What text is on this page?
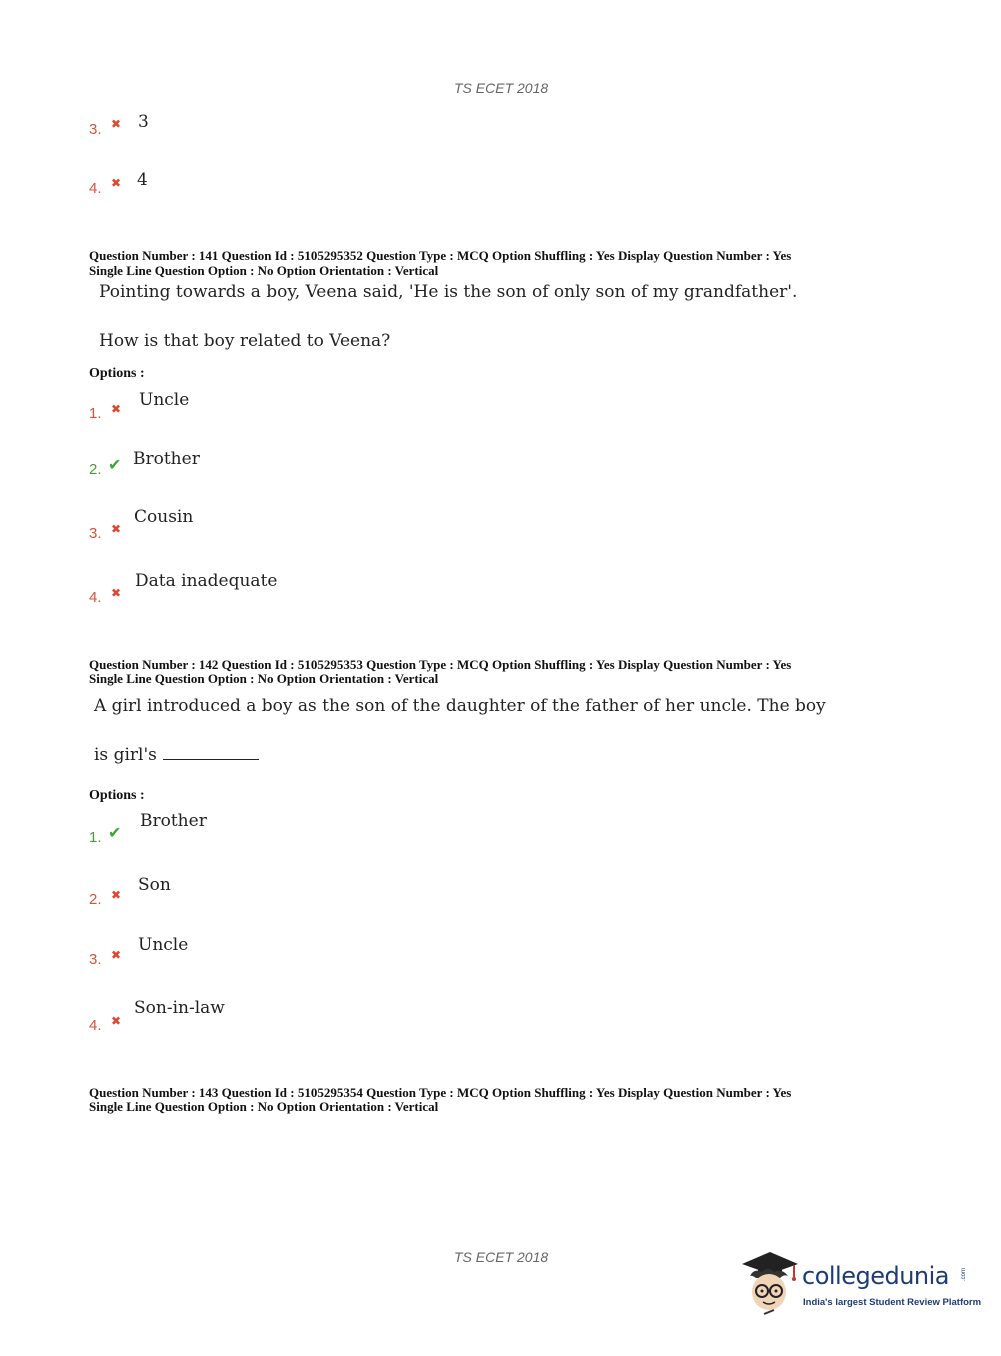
TS ECET 2018
3. ✖ 3
4. ✖ 4
Question Number : 141 Question Id : 5105295352 Question Type : MCQ Option Shuffling : Yes Display Question Number : Yes
Single Line Question Option : No Option Orientation : Vertical
Pointing towards a boy, Veena said, 'He is the son of only son of my grandfather'.
How is that boy related to Veena?
Options :
1. ✖ Uncle
2. ✔ Brother
3. ✖
Cousin
4. ✖
Data inadequate
Question Number : 142 Question Id : 5105295353 Question Type : MCQ Option Shuffling : Yes Display Question Number : Yes
Single Line Question Option : No Option Orientation : Vertical
A girl introduced a boy as the son of the daughter of the father of her uncle. The boy
is girl's
Options :
1. ✔
Brother
2. ✖ Son
3. ✖ Uncle
4. ✖
Son-in-law
Question Number : 143 Question Id : 5105295354 Question Type : MCQ Option Shuffling : Yes Display Question Number : Yes
Single Line Question Option : No Option Orientation : Vertical
TS ECET 2018
collegedunia .com
India's largest Student Review Platform
